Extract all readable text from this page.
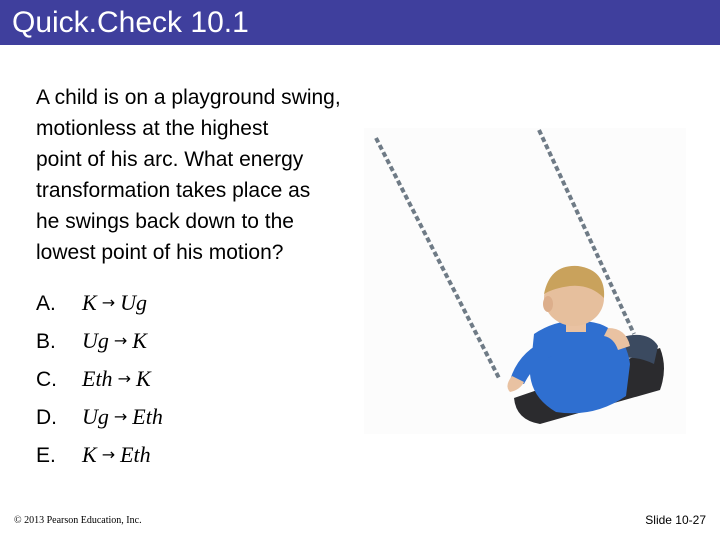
Quick.Check 10.1
A child is on a playground swing,
motionless at the highest
point of his arc. What energy
transformation takes place as
he swings back down to the
lowest point of his motion?
A. K → Ug
B. Ug → K
C. Eth → K
D. Ug → Eth
E. K → Eth
© 2013 Pearson Education, Inc.	Slide 10-27
